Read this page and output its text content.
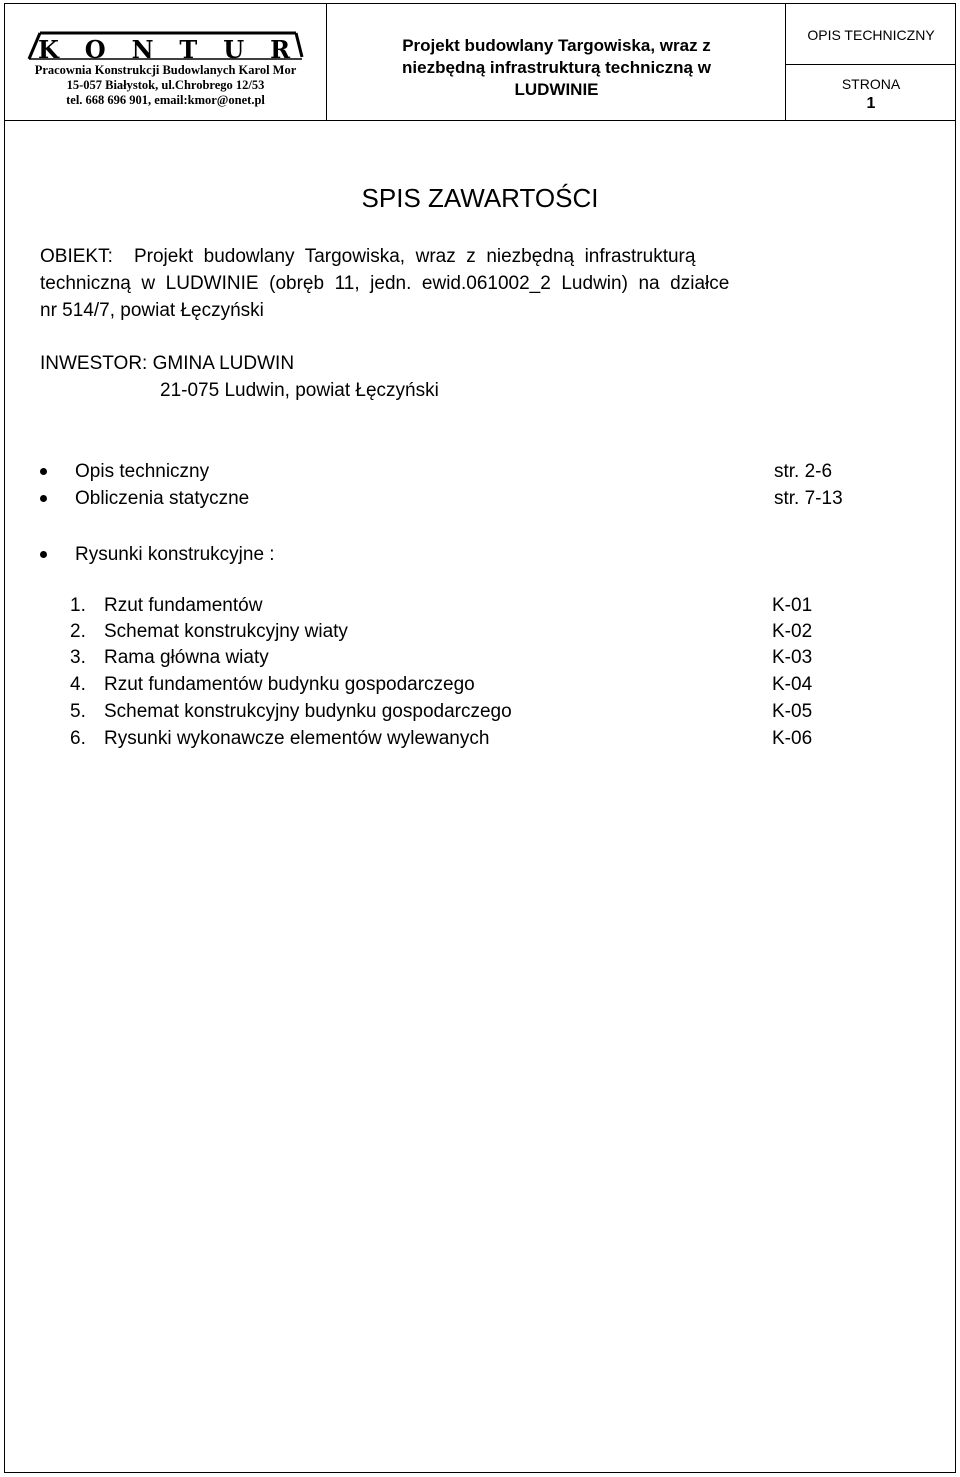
K O N T U R
Pracownia Konstrukcji Budowlanych Karol Mor
15-057 Białystok, ul.Chrobrego 12/53
tel. 668 696 901, email:kmor@onet.pl
Projekt budowlany Targowiska, wraz z
niezbędną infrastrukturą techniczną w
LUDWINIE
OPIS TECHNICZNY
STRONA
1
SPIS ZAWARTOŚCI
OBIEKT:    Projekt  budowlany  Targowiska,  wraz  z  niezbędną  infrastrukturą
techniczną  w  LUDWINIE  (obręb  11,  jedn.  ewid.061002_2  Ludwin)  na  działce
nr 514/7, powiat Łęczyński
INWESTOR: GMINA LUDWIN
21-075 Ludwin, powiat Łęczyński
Opis techniczny	str. 2-6
Obliczenia statyczne	str. 7-13
Rysunki konstrukcyjne :
1. Rzut fundamentów	K-01
2. Schemat konstrukcyjny wiaty	K-02
3. Rama główna wiaty	K-03
4. Rzut fundamentów budynku gospodarczego	K-04
5. Schemat konstrukcyjny budynku gospodarczego	K-05
6. Rysunki wykonawcze elementów wylewanych	K-06
